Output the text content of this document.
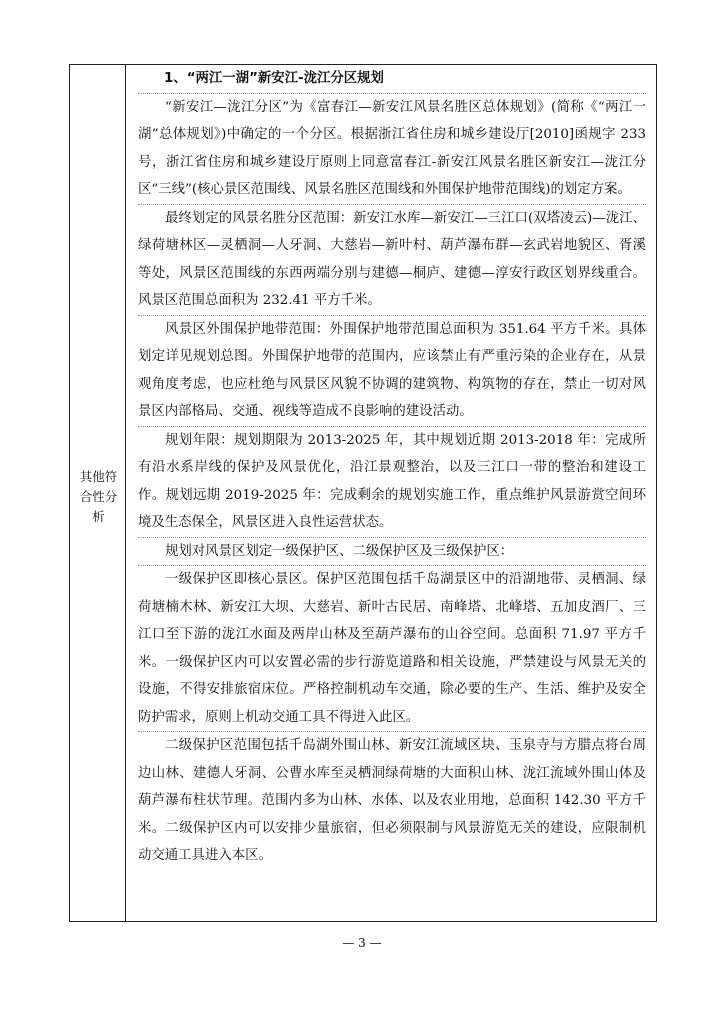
其他符合性分析
1、“两江一湖”新安江-泷江分区规划
“新安江—泷江分区”为《富春江—新安江风景名胜区总体规划》(简称《“两江一湖”总体规划》)中确定的一个分区。根据浙江省住房和城乡建设厅[2010]函规字 233 号，浙江省住房和城乡建设厅原则上同意富春江-新安江风景名胜区新安江—泷江分区“三线”(核心景区范围线、风景名胜区范围线和外围保护地带范围线)的划定方案。
最终划定的风景名胜分区范围：新安江水库—新安江—三江口(双塔凌云)—泷江、绿荷塘林区—灵栖洞—人牙洞、大慈岩—新叶村、葫芦瀑布群—玄武岩地貌区、胥溪等处，风景区范围线的东西两端分别与建德—桐庐、建德—淳安行政区划界线重合。风景区范围总面积为 232.41 平方千米。
风景区外围保护地带范围：外围保护地带范围总面积为 351.64 平方千米。具体划定详见规划总图。外围保护地带的范围内，应该禁止有严重污染的企业存在，从景观角度考虑，也应杜绝与风景区风貌不协调的建筑物、构筑物的存在，禁止一切对风景区内部格局、交通、视线等造成不良影响的建设活动。
规划年限：规划期限为 2013-2025 年，其中规划近期 2013-2018 年：完成所有沿水系岸线的保护及风景优化，沿江景观整治，以及三江口一带的整治和建设工作。规划远期 2019-2025 年：完成剩余的规划实施工作，重点维护风景游赏空间环境及生态保全，风景区进入良性运营状态。
规划对风景区划定一级保护区、二级保护区及三级保护区：
一级保护区即核心景区。保护区范围包括千岛湖景区中的沿湖地带、灵栖洞、绿荷塘楠木林、新安江大坝、大慈岩、新叶古民居、南峰塔、北峰塔、五加皮酒厂、三江口至下游的泷江水面及两岸山林及至葫芦瀑布的山谷空间。总面积 71.97 平方千米。一级保护区内可以安置必需的步行游览道路和相关设施，严禁建设与风景无关的设施，不得安排旅宿床位。严格控制机动车交通，除必要的生产、生活、维护及安全防护需求，原则上机动交通工具不得进入此区。
二级保护区范围包括千岛湖外围山林、新安江流域区块、玉泉寺与方腊点将台周边山林、建德人牙洞、公曹水库至灵栖洞绿荷塘的大面积山林、泷江流域外围山体及葫芦瀑布柱状节理。范围内多为山林、水体、以及农业用地，总面积 142.30 平方千米。二级保护区内可以安排少量旅宿，但必须限制与风景游览无关的建设，应限制机动交通工具进入本区。
— 3 —
